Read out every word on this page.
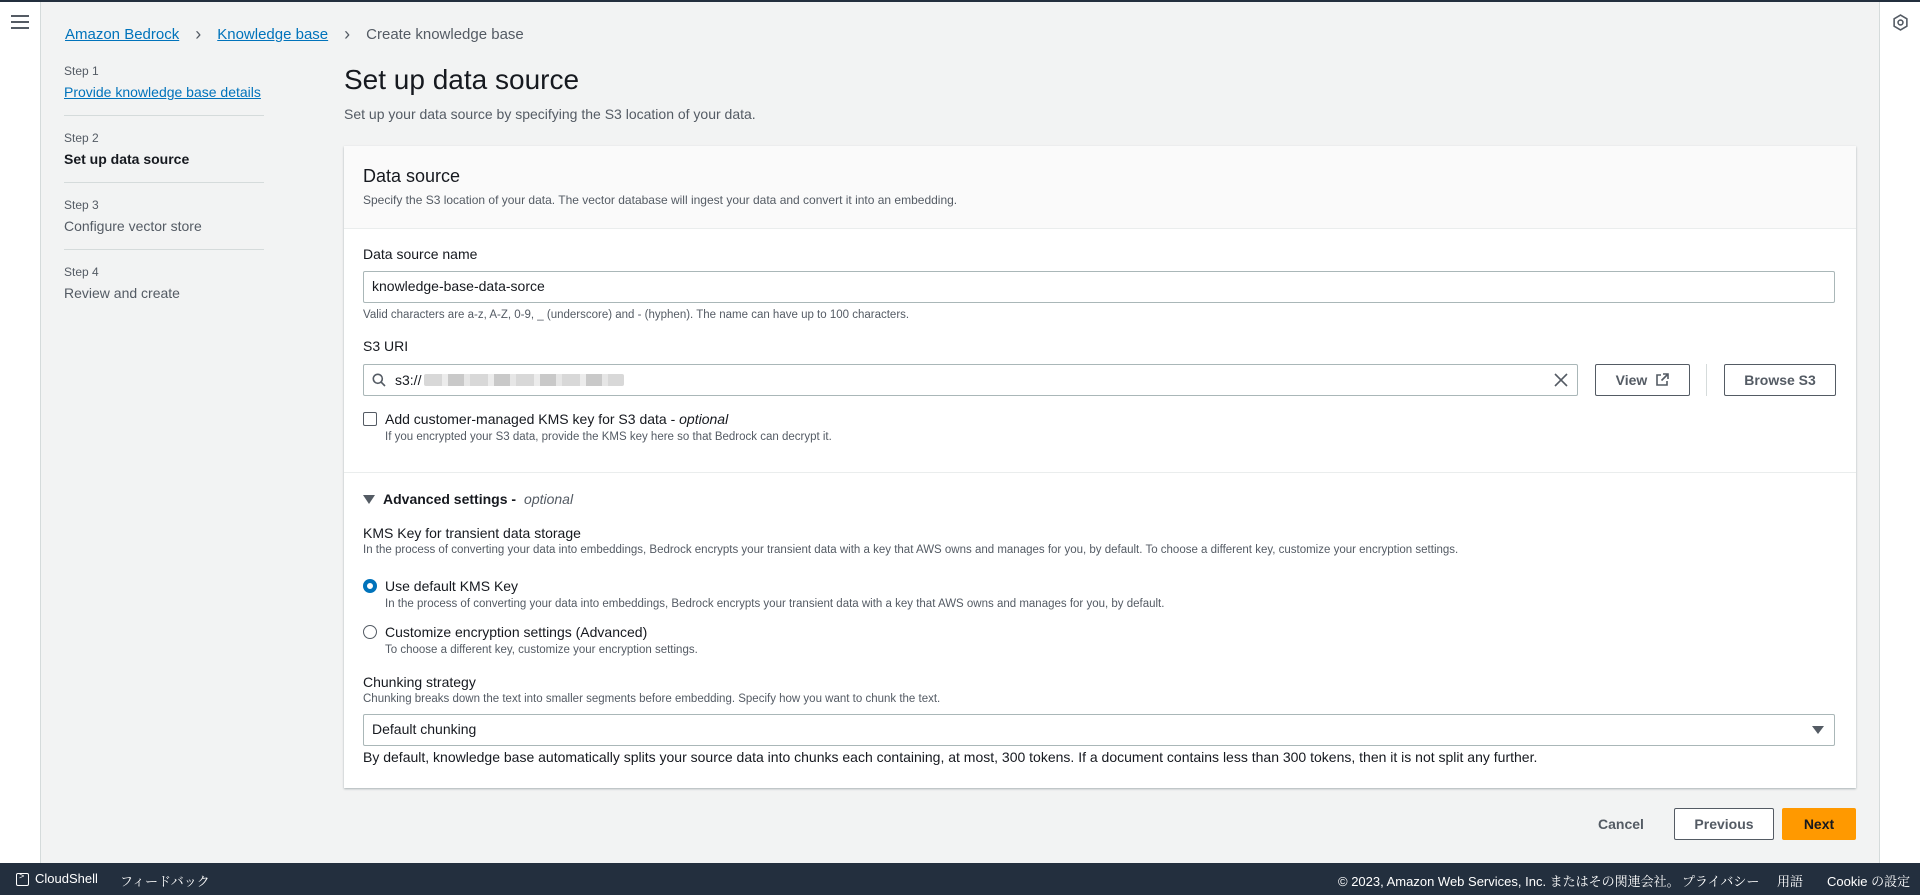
Amazon Bedrock › Knowledge base › Create knowledge base
Step 1
Provide knowledge base details
Step 2
Set up data source
Step 3
Configure vector store
Step 4
Review and create
Set up data source
Set up your data source by specifying the S3 location of your data.
Data source
Specify the S3 location of your data. The vector database will ingest your data and convert it into an embedding.
Data source name
knowledge-base-data-sorce
Valid characters are a-z, A-Z, 0-9, _ (underscore) and - (hyphen). The name can have up to 100 characters.
S3 URI
s3://	View	Browse S3
Add customer-managed KMS key for S3 data - optional
If you encrypted your S3 data, provide the KMS key here so that Bedrock can decrypt it.
Advanced settings - optional
KMS Key for transient data storage
In the process of converting your data into embeddings, Bedrock encrypts your transient data with a key that AWS owns and manages for you, by default. To choose a different key, customize your encryption settings.
Use default KMS Key
In the process of converting your data into embeddings, Bedrock encrypts your transient data with a key that AWS owns and manages for you, by default.
Customize encryption settings (Advanced)
To choose a different key, customize your encryption settings.
Chunking strategy
Chunking breaks down the text into smaller segments before embedding. Specify how you want to chunk the text.
Default chunking
By default, knowledge base automatically splits your source data into chunks each containing, at most, 300 tokens. If a document contains less than 300 tokens, then it is not split any further.
Cancel	Previous	Next
>CloudShell フィードバック	© 2023, Amazon Web Services, Inc. またはその関連会社。 プライバシー 用語 Cookie の設定
